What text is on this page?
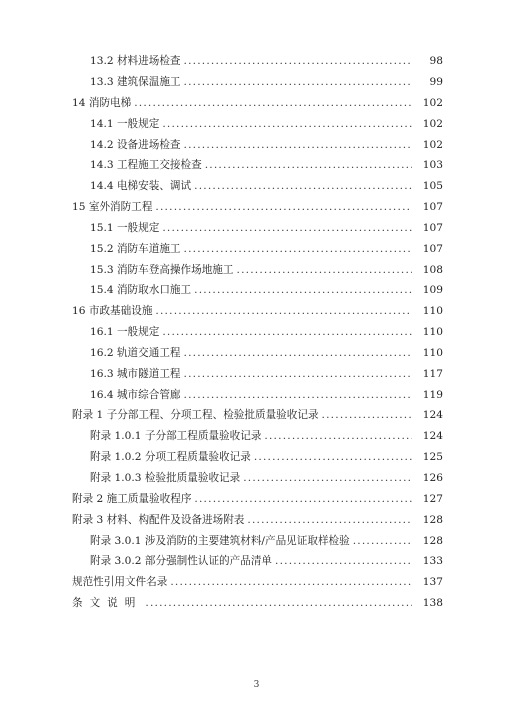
13.2 材料进场检查 .....	98
13.3 建筑保温施工 .....	99
14 消防电梯 .....	102
14.1 一般规定 .....	102
14.2 设备进场检查 .....	102
14.3 工程施工交接检查 .....	103
14.4 电梯安装、调试 .....	105
15 室外消防工程 .....	107
15.1 一般规定 .....	107
15.2 消防车道施工 .....	107
15.3 消防车登高操作场地施工 .....	108
15.4 消防取水口施工 .....	109
16 市政基础设施 .....	110
16.1 一般规定 .....	110
16.2 轨道交通工程 .....	110
16.3 城市隧道工程 .....	117
16.4 城市综合管廊 .....	119
附录 1 子分部工程、分项工程、检验批质量验收记录 .....	124
附录 1.0.1 子分部工程质量验收记录 .....	124
附录 1.0.2 分项工程质量验收记录 .....	125
附录 1.0.3 检验批质量验收记录 .....	126
附录 2 施工质量验收程序 .....	127
附录 3 材料、构配件及设备进场附表 .....	128
附录 3.0.1 涉及消防的主要建筑材料/产品见证取样检验 .....	128
附录 3.0.2 部分强制性认证的产品清单 .....	133
规范性引用文件名录 .....	137
条文说明 .....	138
3
